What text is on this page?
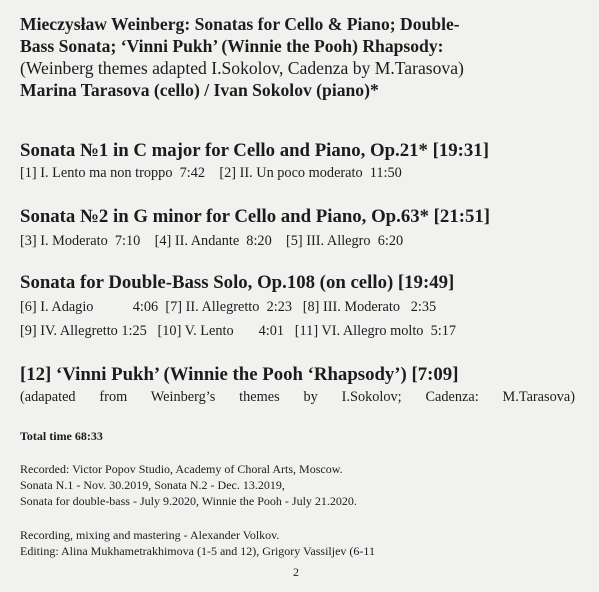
Mieczysław Weinberg: Sonatas for Cello & Piano; Double-
Bass Sonata; ‘Vinni Pukh’ (Winnie the Pooh) Rhapsody:
(Weinberg themes adapted I.Sokolov, Cadenza by M.Tarasova)
Marina Tarasova (cello) / Ivan Sokolov (piano)*
Sonata №1 in C major for Cello and Piano, Op.21* [19:31]
[1] I. Lento ma non troppo  7:42    [2] II. Un poco moderato  11:50
Sonata №2 in G minor for Cello and Piano, Op.63* [21:51]
[3] I. Moderato  7:10    [4] II. Andante  8:20    [5] III. Allegro  6:20
Sonata for Double-Bass Solo, Op.108 (on cello) [19:49]
[6] I. Adagio           4:06  [7] II. Allegretto  2:23   [8] III. Moderato   2:35
[9] IV. Allegretto 1:25   [10] V. Lento       4:01   [11] VI. Allegro molto  5:17
[12] ‘Vinni Pukh’ (Winnie the Pooh ‘Rhapsody’) [7:09]
(adapated from Weinberg’s themes by I.Sokolov; Cadenza: M.Tarasova)
Total time 68:33
Recorded: Victor Popov Studio, Academy of Choral Arts, Moscow.
Sonata N.1 - Nov. 30.2019, Sonata N.2 - Dec. 13.2019,
Sonata for double-bass - July 9.2020, Winnie the Pooh - July 21.2020.
Recording, mixing and mastering - Alexander Volkov.
Editing: Alina Mukhametrakhimova (1-5 and 12), Grigory Vassiljev (6-11
2
